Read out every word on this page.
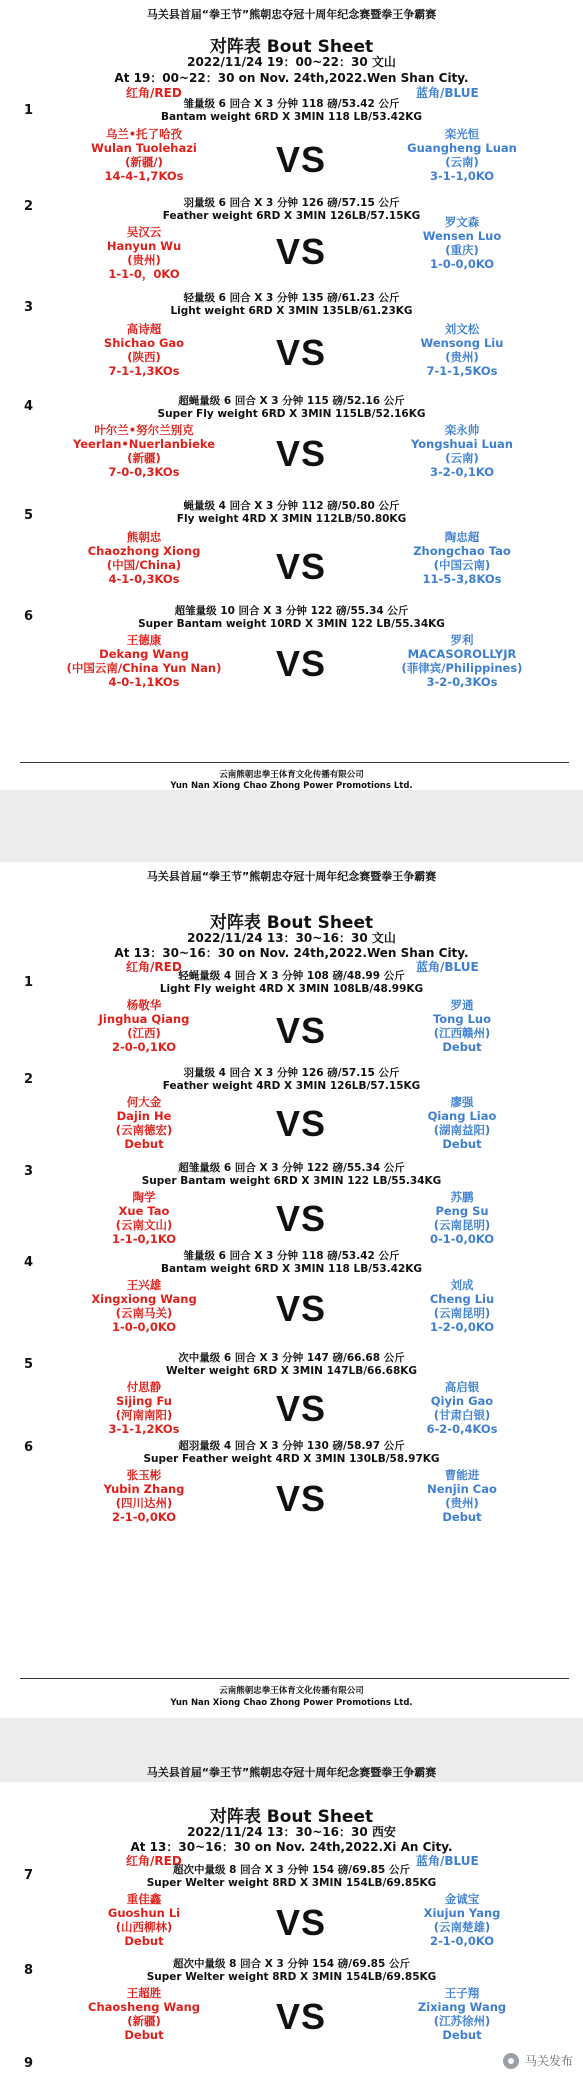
马关县首届“拳王节”熊朝忠夺冠十周年纪念赛暨拳王争霸赛
对阵表 Bout Sheet
2022/11/24 19：00~22：30 文山
At 19：00~22：30 on Nov. 24th,2022.Wen Shan City.
红角/RED	蓝角/BLUE
1	雏量级 6 回合 X 3 分钟 118 磅/53.42 公斤
Bantam weight 6RD X 3MIN 118 LB/53.42KG
乌兰•托了哈孜
Wulan Tuolehazi
(新疆/)
14-4-1,7KOs	VS
栾光恒
Guangheng Luan
(云南)
3-1-1,0KO
2	羽量级 6 回合 X 3 分钟 126 磅/57.15 公斤
Feather weight 6RD X 3MIN 126LB/57.15KG
吴汉云
Hanyun Wu
(贵州)
1-1-0，0KO
VS
罗文森
Wensen Luo
(重庆)
1-0-0,0KO
3
轻量级 6 回合 X 3 分钟 135 磅/61.23 公斤
Light weight 6RD X 3MIN 135LB/61.23KG
高诗超
Shichao Gao
(陕西)
7-1-1,3KOs	VS
刘文松
Wensong Liu
(贵州)
7-1-1,5KOs
4	超蝇量级 6 回合 X 3 分钟 115 磅/52.16 公斤
Super Fly weight 6RD X 3MIN 115LB/52.16KG
叶尔兰•努尔兰别克
Yeerlan•Nuerlanbieke
(新疆)
7-0-0,3KOs	VS
栾永帅
Yongshuai Luan
(云南)
3-2-0,1KO
5
蝇量级 4 回合 X 3 分钟 112 磅/50.80 公斤
Fly weight 4RD X 3MIN 112LB/50.80KG
熊朝忠
Chaozhong Xiong
(中国/China)
4-1-0,3KOs	VS
陶忠超
Zhongchao Tao
(中国云南)
11-5-3,8KOs
6	超雏量级 10 回合 X 3 分钟 122 磅/55.34 公斤
Super Bantam weight 10RD X 3MIN 122 LB/55.34KG
王德康
Dekang Wang
(中国云南/China Yun Nan)
4-0-1,1KOs	VS
罗利
MACASOROLLYJR
(菲律宾/Philippines)
3-2-0,3KOs
云南熊朝忠拳王体育文化传播有限公司
Yun Nan Xiong Chao Zhong Power Promotions Ltd.
马关县首届“拳王节”熊朝忠夺冠十周年纪念赛暨拳王争霸赛
对阵表 Bout Sheet
2022/11/24 13：30~16：30 文山
At 13：30~16：30 on Nov. 24th,2022.Wen Shan City.
红角/RED	蓝角/BLUE
1	轻蝇量级 4 回合 X 3 分钟 108 磅/48.99 公斤
Light Fly weight 4RD X 3MIN 108LB/48.99KG
杨敬华
Jinghua Qiang
(江西)
2-0-0,1KO	VS
罗通
Tong Luo
(江西赣州)
Debut
2	羽量级 4 回合 X 3 分钟 126 磅/57.15 公斤
Feather weight 4RD X 3MIN 126LB/57.15KG
何大金
Dajin He
(云南德宏)
Debut	VS
廖强
Qiang Liao
(湖南益阳)
Debut
3	超雏量级 6 回合 X 3 分钟 122 磅/55.34 公斤
Super Bantam weight 6RD X 3MIN 122 LB/55.34KG
陶学
Xue Tao
(云南文山)
1-1-0,1KO	VS
苏鹏
Peng Su
(云南昆明)
0-1-0,0KO
4	雏量级 6 回合 X 3 分钟 118 磅/53.42 公斤
Bantam weight 6RD X 3MIN 118 LB/53.42KG
王兴雄
Xingxiong Wang
(云南马关)
1-0-0,0KO	VS
刘成
Cheng Liu
(云南昆明)
1-2-0,0KO
5	次中量级 6 回合 X 3 分钟 147 磅/66.68 公斤
Welter weight 6RD X 3MIN 147LB/66.68KG
付思静
Sijing Fu
(河南南阳)
3-1-1,2KOs	VS
高启银
Qiyin Gao
(甘肃白银)
6-2-0,4KOs
6	超羽量级 4 回合 X 3 分钟 130 磅/58.97 公斤
Super Feather weight 4RD X 3MIN 130LB/58.97KG
张玉彬
Yubin Zhang
(四川达州)
2-1-0,0KO	VS
曹能进
Nenjin Cao
(贵州)
Debut
云南熊朝忠拳王体育文化传播有限公司
Yun Nan Xiong Chao Zhong Power Promotions Ltd.
马关县首届“拳王节”熊朝忠夺冠十周年纪念赛暨拳王争霸赛
对阵表 Bout Sheet
2022/11/24 13：30~16：30 西安
At 13：30~16：30 on Nov. 24th,2022.Xi An City.
红角/RED	蓝角/BLUE
7	超次中量级 8 回合 X 3 分钟 154 磅/69.85 公斤
Super Welter weight 8RD X 3MIN 154LB/69.85KG
重佳鑫
Guoshun Li
(山西柳林)
Debut	VS
金诚宝
Xiujun Yang
(云南楚雄)
2-1-0,0KO
8	超次中量级 8 回合 X 3 分钟 154 磅/69.85 公斤
Super Welter weight 8RD X 3MIN 154LB/69.85KG
王超胜
Chaosheng Wang
(新疆)
Debut	VS
王子翔
Zixiang Wang
(江苏徐州)
Debut
9	马关发布
